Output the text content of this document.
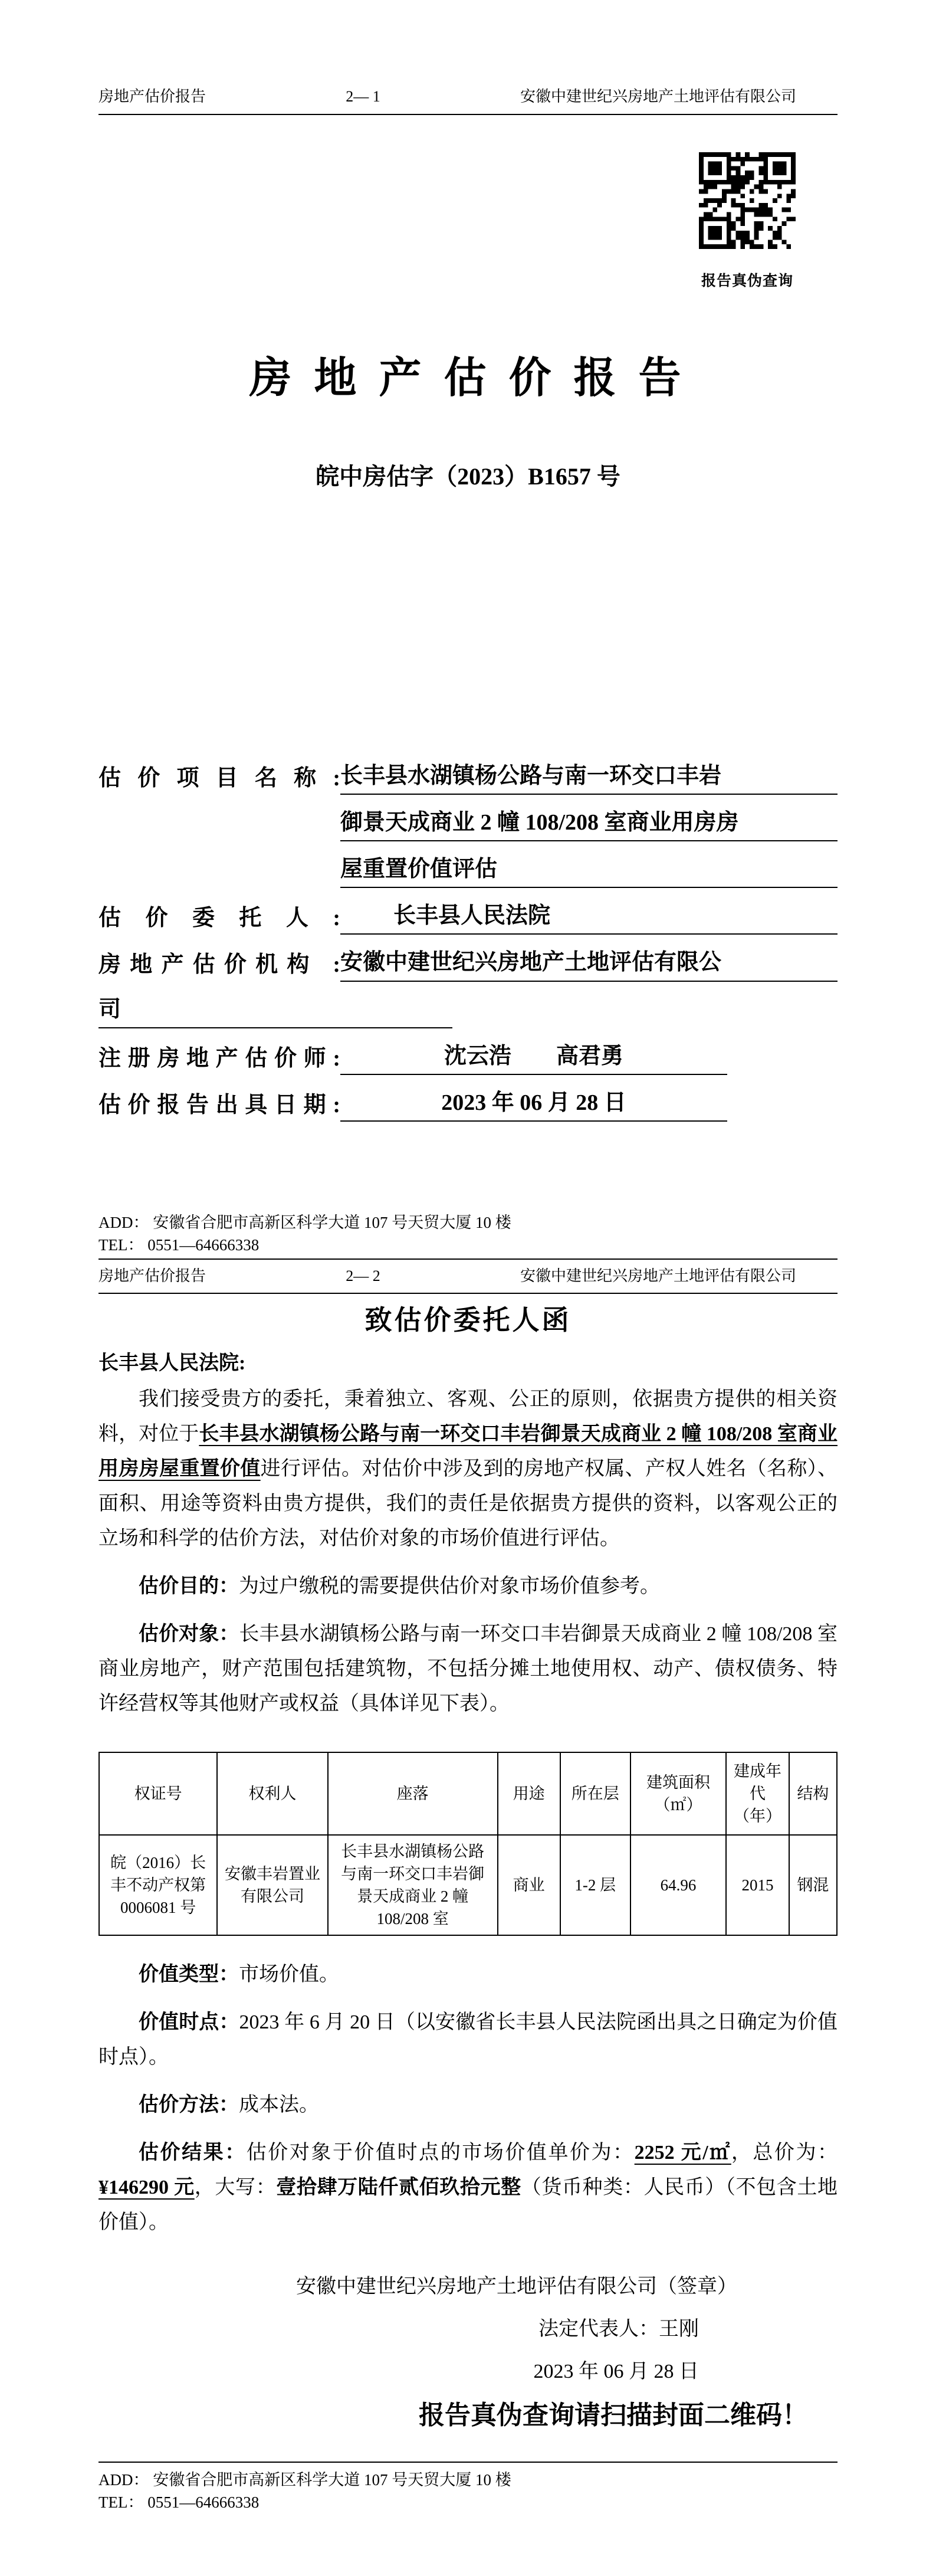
房地产估价报告	2— 1	安徽中建世纪兴房地产土地评估有限公司
报告真伪查询
房 地 产 估 价 报 告
皖中房估字（2023）B1657 号
估 价 项 目 名 称 : 长丰县水湖镇杨公路与南一环交口丰岩
御景天成商业 2 幢 108/208 室商业用房房
屋重置价值评估
估 价 委 托 人 :	长丰县人民法院
房地产估价机构 : 安徽中建世纪兴房地产土地评估有限公
司
注册房地产估价师:	沈云浩　　高君勇
估价报告出具日期:	2023 年 06 月 28 日
ADD： 安徽省合肥市高新区科学大道 107 号天贸大厦 10 楼
TEL： 0551—64666338
房地产估价报告	2— 2	安徽中建世纪兴房地产土地评估有限公司
致估价委托人函
长丰县人民法院:

我们接受贵方的委托，秉着独立、客观、公正的原则，依据贵方提供的相关资料，对位于长丰县水湖镇杨公路与南一环交口丰岩御景天成商业 2 幢 108/208 室商业用房房屋重置价值进行评估。对估价中涉及到的房地产权属、产权人姓名（名称）、面积、用途等资料由贵方提供，我们的责任是依据贵方提供的资料，以客观公正的立场和科学的估价方法，对估价对象的市场价值进行评估。

估价目的：为过户缴税的需要提供估价对象市场价值参考。

估价对象：长丰县水湖镇杨公路与南一环交口丰岩御景天成商业 2 幢 108/208 室商业房地产，财产范围包括建筑物，不包括分摊土地使用权、动产、债权债务、特许经营权等其他财产或权益（具体详见下表）。

权证号	权利人	座落	用途	所在层	建筑面积（㎡）	建成年代（年）	结构
皖（2016）长丰不动产权第0006081 号	安徽丰岩置业有限公司	长丰县水湖镇杨公路与南一环交口丰岩御景天成商业 2 幢 108/208 室	商业	1-2 层	64.96	2015	钢混

价值类型：市场价值。

价值时点：2023 年 6 月 20 日（以安徽省长丰县人民法院函出具之日确定为价值时点）。

估价方法：成本法。

估价结果：估价对象于价值时点的市场价值单价为：2252 元/㎡，总价为：¥146290 元，大写：壹拾肆万陆仟贰佰玖拾元整（货币种类：人民币）（不包含土地价值）。

安徽中建世纪兴房地产土地评估有限公司（签章）
法定代表人：王刚
2023 年 06 月 28 日
报告真伪查询请扫描封面二维码！
ADD： 安徽省合肥市高新区科学大道 107 号天贸大厦 10 楼
TEL： 0551—64666338
